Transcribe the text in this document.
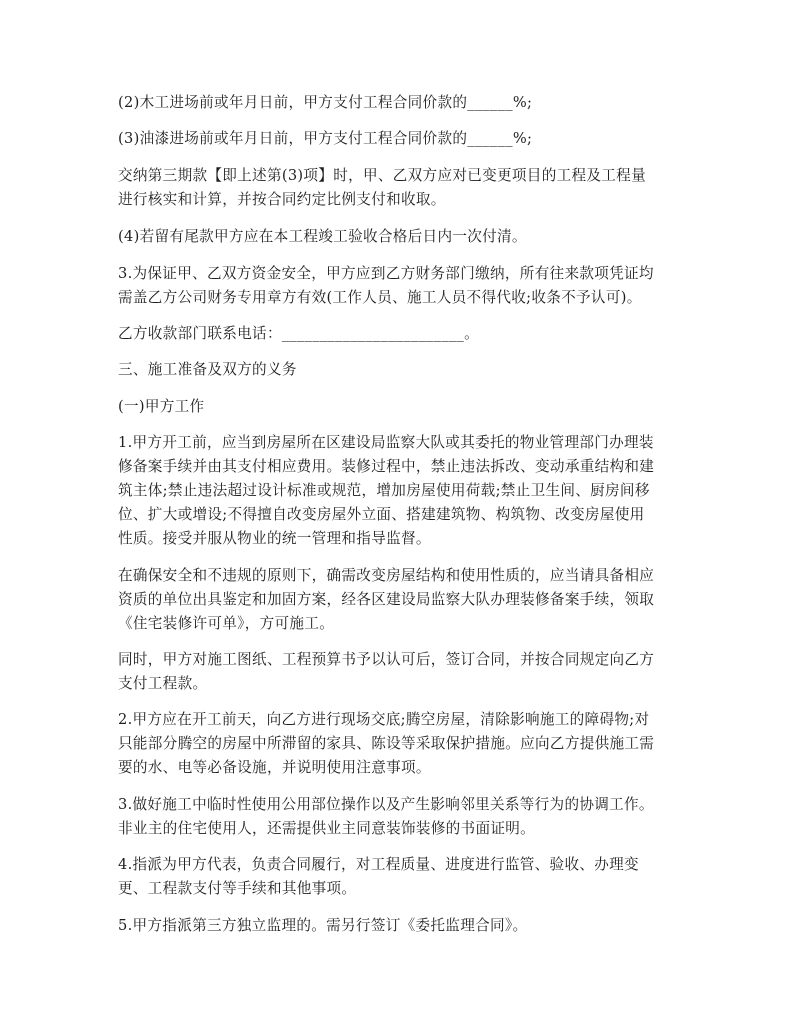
(2)木工进场前或年月日前，甲方支付工程合同价款的______%;

(3)油漆进场前或年月日前，甲方支付工程合同价款的______%;

交纳第三期款【即上述第(3)项】时，甲、乙双方应对已变更项目的工程及工程量
进行核实和计算，并按合同约定比例支付和收取。

(4)若留有尾款甲方应在本工程竣工验收合格后日内一次付清。

3.为保证甲、乙双方资金安全，甲方应到乙方财务部门缴纳，所有往来款项凭证均
需盖乙方公司财务专用章方有效(工作人员、施工人员不得代收;收条不予认可)。

乙方收款部门联系电话：________________________。

三、施工准备及双方的义务

(一)甲方工作

1.甲方开工前，应当到房屋所在区建设局监察大队或其委托的物业管理部门办理装
修备案手续并由其支付相应费用。装修过程中，禁止违法拆改、变动承重结构和建
筑主体;禁止违法超过设计标准或规范，增加房屋使用荷载;禁止卫生间、厨房间移
位、扩大或增设;不得擅自改变房屋外立面、搭建建筑物、构筑物、改变房屋使用
性质。接受并服从物业的统一管理和指导监督。

在确保安全和不违规的原则下，确需改变房屋结构和使用性质的，应当请具备相应
资质的单位出具鉴定和加固方案，经各区建设局监察大队办理装修备案手续，领取
《住宅装修许可单》，方可施工。

同时，甲方对施工图纸、工程预算书予以认可后，签订合同，并按合同规定向乙方
支付工程款。

2.甲方应在开工前天，向乙方进行现场交底;腾空房屋，清除影响施工的障碍物;对
只能部分腾空的房屋中所滞留的家具、陈设等采取保护措施。应向乙方提供施工需
要的水、电等必备设施，并说明使用注意事项。

3.做好施工中临时性使用公用部位操作以及产生影响邻里关系等行为的协调工作。
非业主的住宅使用人，还需提供业主同意装饰装修的书面证明。

4.指派为甲方代表，负责合同履行，对工程质量、进度进行监管、验收、办理变
更、工程款支付等手续和其他事项。

5.甲方指派第三方独立监理的。需另行签订《委托监理合同》。
